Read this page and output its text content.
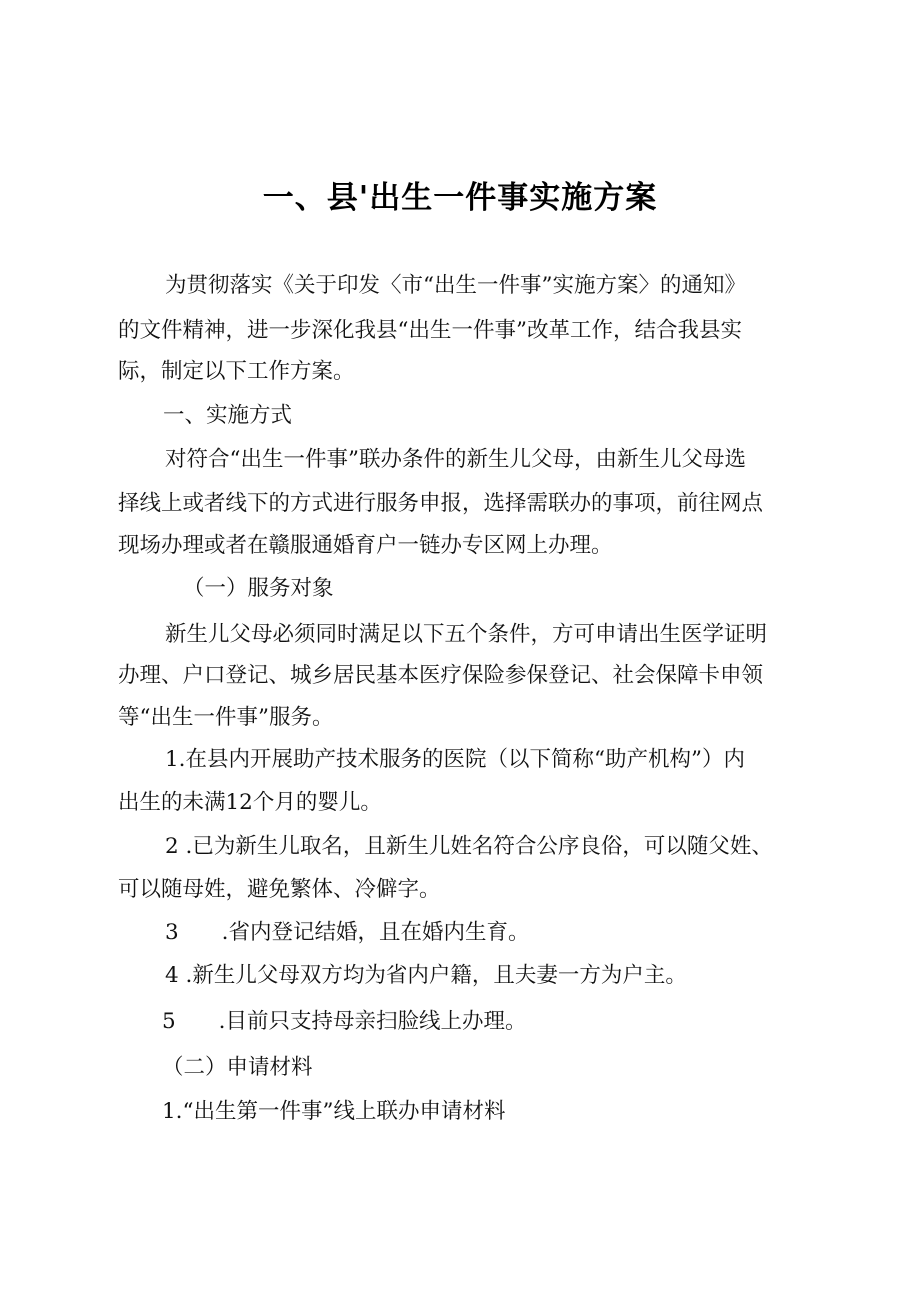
一、县'出生一件事实施方案
为贯彻落实《关于印发〈市“出生一件事”实施方案〉的通知》
的文件精神，进一步深化我县“出生一件事”改革工作，结合我县实
际，制定以下工作方案。
一、实施方式
对符合“出生一件事”联办条件的新生儿父母，由新生儿父母选
择线上或者线下的方式进行服务申报，选择需联办的事项，前往网点
现场办理或者在赣服通婚育户一链办专区网上办理。
（一）服务对象
新生儿父母必须同时满足以下五个条件，方可申请出生医学证明
办理、户口登记、城乡居民基本医疗保险参保登记、社会保障卡申领
等“出生一件事”服务。
1.在县内开展助产技术服务的医院（以下简称“助产机构”）内
出生的未满12个月的婴儿。
2 .已为新生儿取名，且新生儿姓名符合公序良俗，可以随父姓、
可以随母姓，避免繁体、冷僻字。
3　　.省内登记结婚，且在婚内生育。
4 .新生儿父母双方均为省内户籍，且夫妻一方为户主。
5　　.目前只支持母亲扫脸线上办理。
（二）申请材料
1.“出生第一件事”线上联办申请材料
